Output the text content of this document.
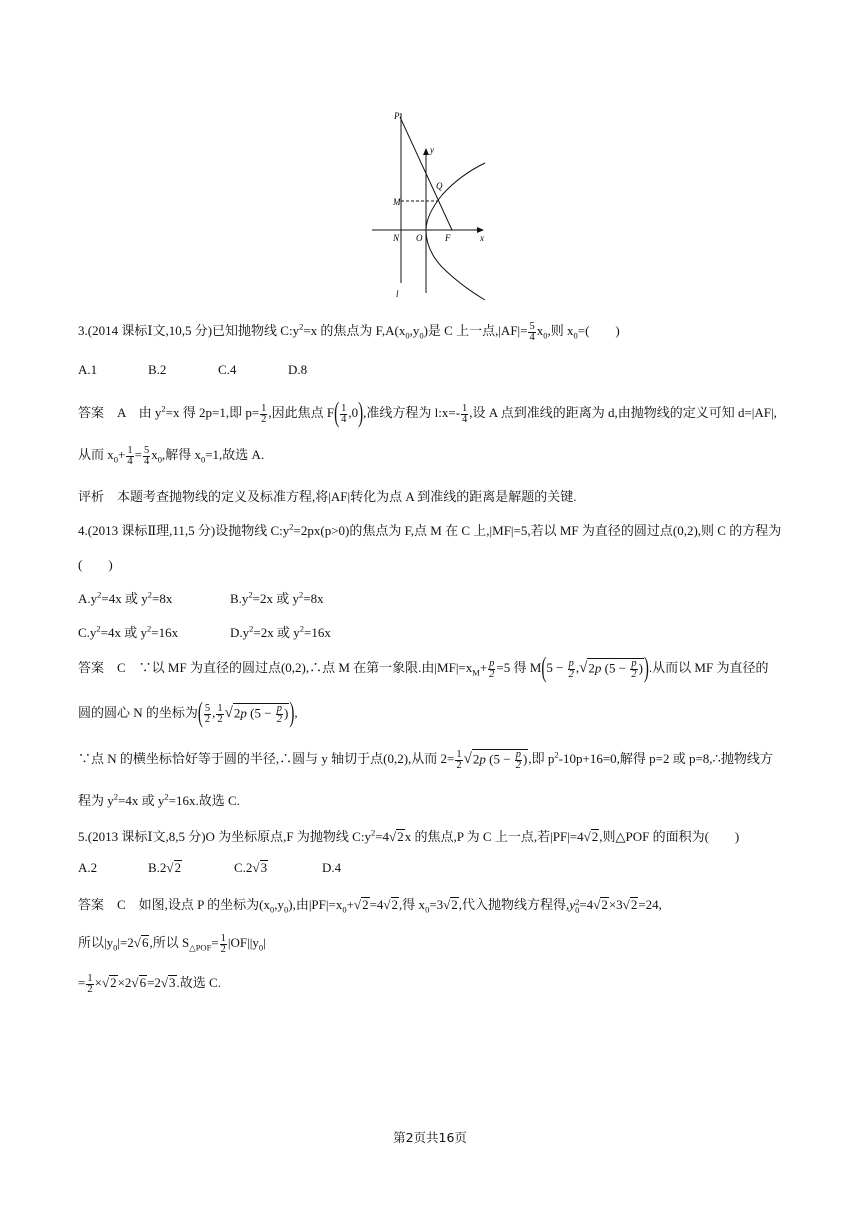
P
y
Q
M
N O	F	x
l
3.(2014 课标Ⅰ文,10,5 分)已知抛物线 $C:y^2=x$ 的焦点为 $F,A(x_0,y_0)$是 C 上一点$,|AF|= \frac{5}{4} x_0$,则 $x_0=$(　　)
A.1	B.2	C.4	D.8
答案　A　由 $y^2=x$ 得 2p=1,即 $p= \frac{1}{2}$ ,因此焦点 $F( \frac{1}{4} ,0)$,准线方程为 l:x=- $\frac{1}{4}$ ,设 A 点到准线的距离为 d,由抛物线的定义可知 d=|AF|,
从而 $x_0+ \frac{1}{4} = \frac{5}{4} x_0$,解得 $x_0=1$,故选 A.
评析　本题考查抛物线的定义及标准方程,将|AF|转化为点 A 到准线的距离是解题的关键.
4.(2013 课标Ⅱ理,11,5 分)设抛物线 $C:y^2=2px(p>0)$的焦点为 F,点 M 在 C 上,|MF|=5,若以 MF 为直径的圆过点(0,2),则 C 的方程为
(　　)
$A.y^2=4x$ 或 $y^2=8x$	$B.y^2=2x$ 或 $y^2=8x$
$C.y^2=4x$ 或 $y^2=16x$	$D.y^2=2x$ 或 $y^2=16x$
答案　C　∵以 MF 为直径的圆过点(0,2),∴点 M 在第一象限.由$|MF|=x_M+ \frac{p}{2} =5$ 得 $M(5 - \frac{p}{2} ,√2p$ ($5 - \frac{p}{2}$ )).从而以 MF 为直径的
圆的圆心 N 的坐标为( $\frac{5}{2}$ , $\frac{1}{2} √2p$ ($5 - \frac{p}{2}$ )),
∵点 N 的横坐标恰好等于圆的半径,∴圆与 y 轴切于点(0,2),从而 $2= \frac{1}{2} √2p$ ($5 - \frac{p}{2}$ ),即 $p^2-10p+16=0$,解得 p=2 或 p=8,∴抛物线方
程为 $y^2=4x$ 或 $y^2=16x$.故选 C.
5.(2013 课标Ⅰ文,8,5 分)O 为坐标原点,F 为抛物线 $C:y^2=4√2x$ 的焦点,P 为 C 上一点,若|PF|=4√2,则△POF 的面积为(　　)
A.2	B.2√2	C.2√3	D.4
答案　C　如图,设点 P 的坐标为$(x_0,y_0)$,由$|PF|=x_0+√2=4√2$,得 $x_0=3√2$,代入抛物线方程得,y 2
0 =4√2×3√2=24,
所以$|y_0|=2√6$,所以 $S_{\triangle POF}= \frac{1}{2} |OF||y_0|$
= $\frac{1}{2} \times√2\times 2√6=2√3$.故选 C.
第2页共16页
